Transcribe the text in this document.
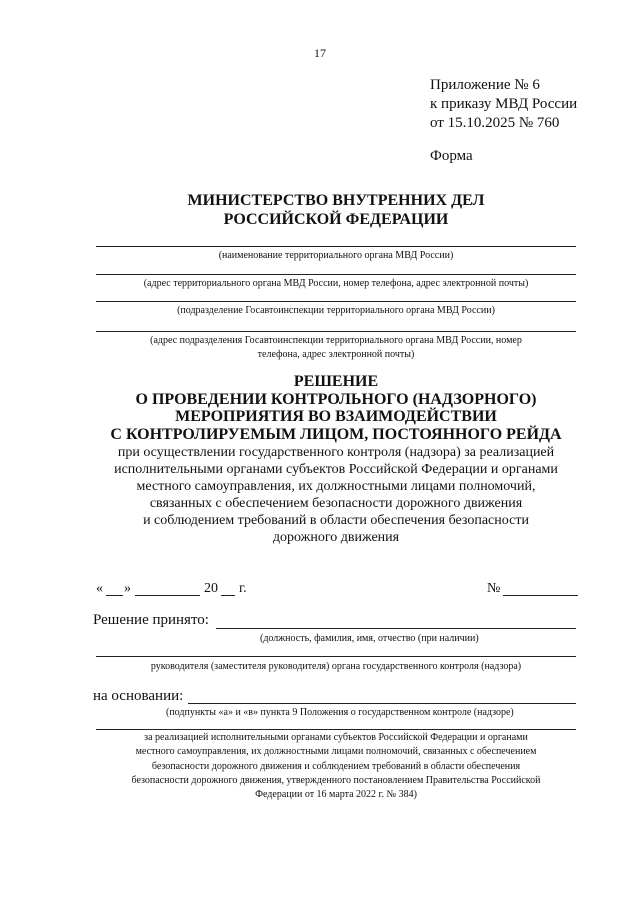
17
Приложение № 6
к приказу МВД России
от 15.10.2025 № 760
Форма
МИНИСТЕРСТВО ВНУТРЕННИХ ДЕЛ
РОССИЙСКОЙ ФЕДЕРАЦИИ
(наименование территориального органа МВД России)
(адрес территориального органа МВД России, номер телефона, адрес электронной почты)
(подразделение Госавтоинспекции территориального органа МВД России)
(адрес подразделения Госавтоинспекции территориального органа МВД России, номер
телефона, адрес электронной почты)
РЕШЕНИЕ
О ПРОВЕДЕНИИ КОНТРОЛЬНОГО (НАДЗОРНОГО)
МЕРОПРИЯТИЯ ВО ВЗАИМОДЕЙСТВИИ
С КОНТРОЛИРУЕМЫМ ЛИЦОМ, ПОСТОЯННОГО РЕЙДА
при осуществлении государственного контроля (надзора) за реализацией
исполнительными органами субъектов Российской Федерации и органами
местного самоуправления, их должностными лицами полномочий,
связанных с обеспечением безопасности дорожного движения
и соблюдением требований в области обеспечения безопасности
дорожного движения
« »	20 г.	№
Решение принято:
(должность, фамилия, имя, отчество (при наличии)
руководителя (заместителя руководителя) органа государственного контроля (надзора)
на основании:
(подпункты «а» и «в» пункта 9 Положения о государственном контроле (надзоре)
за реализацией исполнительными органами субъектов Российской Федерации и органами
местного самоуправления, их должностными лицами полномочий, связанных с обеспечением
безопасности дорожного движения и соблюдением требований в области обеспечения
безопасности дорожного движения, утвержденного постановлением Правительства Российской
Федерации от 16 марта 2022 г. № 384)
